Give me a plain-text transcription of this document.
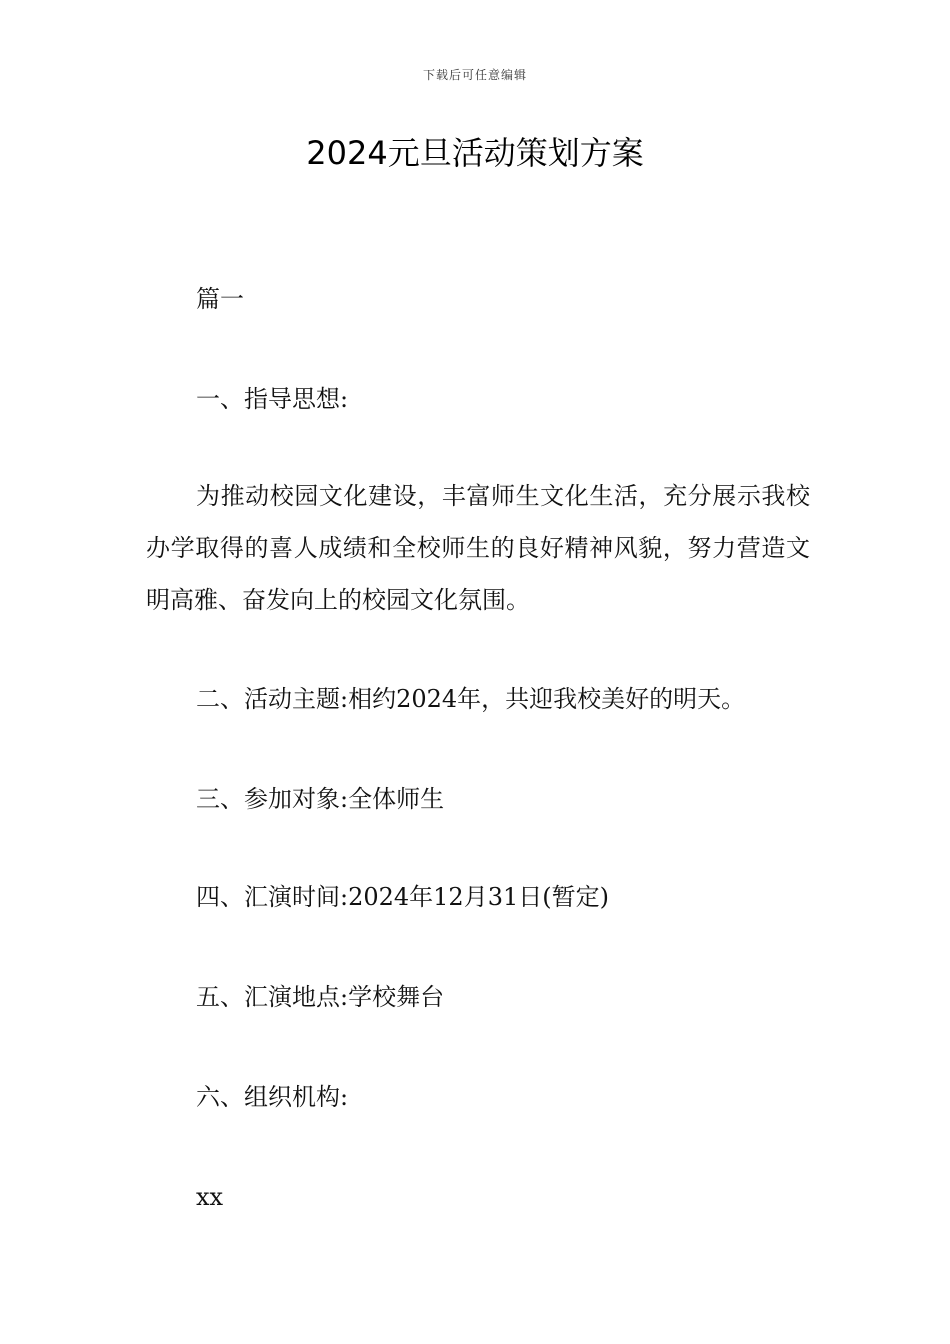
下载后可任意编辑
2024元旦活动策划方案

篇一

一、指导思想:

为推动校园文化建设，丰富师生文化生活，充分展示我校办学取得的喜人成绩和全校师生的良好精神风貌，努力营造文明高雅、奋发向上的校园文化氛围。

二、活动主题:相约2024年，共迎我校美好的明天。

三、参加对象:全体师生

四、汇演时间:2024年12月31日(暂定)

五、汇演地点:学校舞台

六、组织机构:

xx
